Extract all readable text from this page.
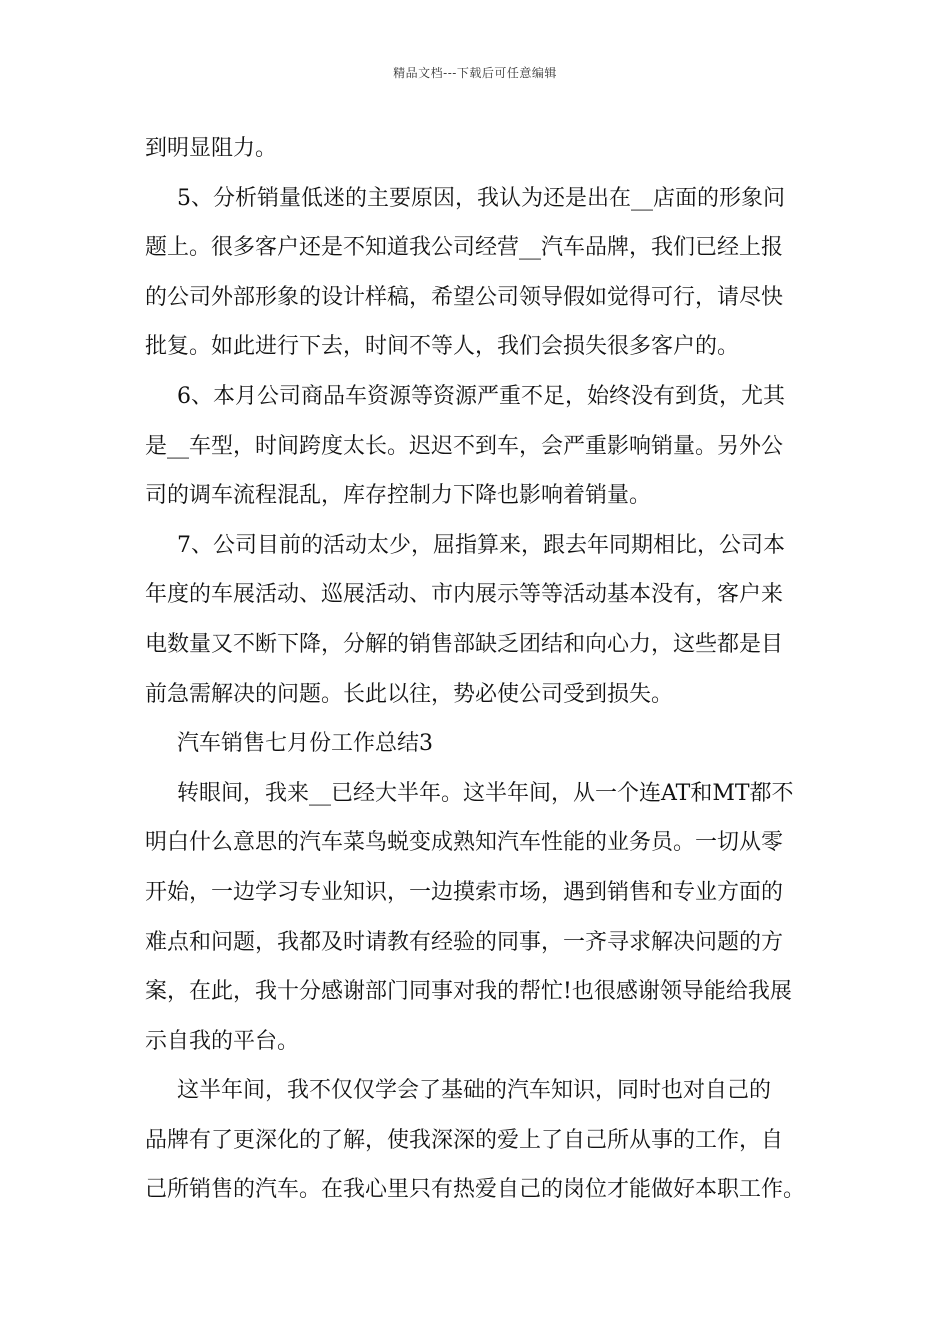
精品文档---下载后可任意编辑
到明显阻力。
5、分析销量低迷的主要原因，我认为还是出在__店面的形象问
题上。很多客户还是不知道我公司经营__汽车品牌，我们已经上报
的公司外部形象的设计样稿，希望公司领导假如觉得可行，请尽快
批复。如此进行下去，时间不等人，我们会损失很多客户的。
6、本月公司商品车资源等资源严重不足，始终没有到货，尤其
是__车型，时间跨度太长。迟迟不到车，会严重影响销量。另外公
司的调车流程混乱，库存控制力下降也影响着销量。
7、公司目前的活动太少，屈指算来，跟去年同期相比，公司本
年度的车展活动、巡展活动、市内展示等等活动基本没有，客户来
电数量又不断下降，分解的销售部缺乏团结和向心力，这些都是目
前急需解决的问题。长此以往，势必使公司受到损失。
汽车销售七月份工作总结3
转眼间，我来__已经大半年。这半年间，从一个连AT和MT都不
明白什么意思的汽车菜鸟蜕变成熟知汽车性能的业务员。一切从零
开始，一边学习专业知识，一边摸索市场，遇到销售和专业方面的
难点和问题，我都及时请教有经验的同事，一齐寻求解决问题的方
案，在此，我十分感谢部门同事对我的帮忙!也很感谢领导能给我展
示自我的平台。
这半年间，我不仅仅学会了基础的汽车知识，同时也对自己的
品牌有了更深化的了解，使我深深的爱上了自己所从事的工作，自
己所销售的汽车。在我心里只有热爱自己的岗位才能做好本职工作。
